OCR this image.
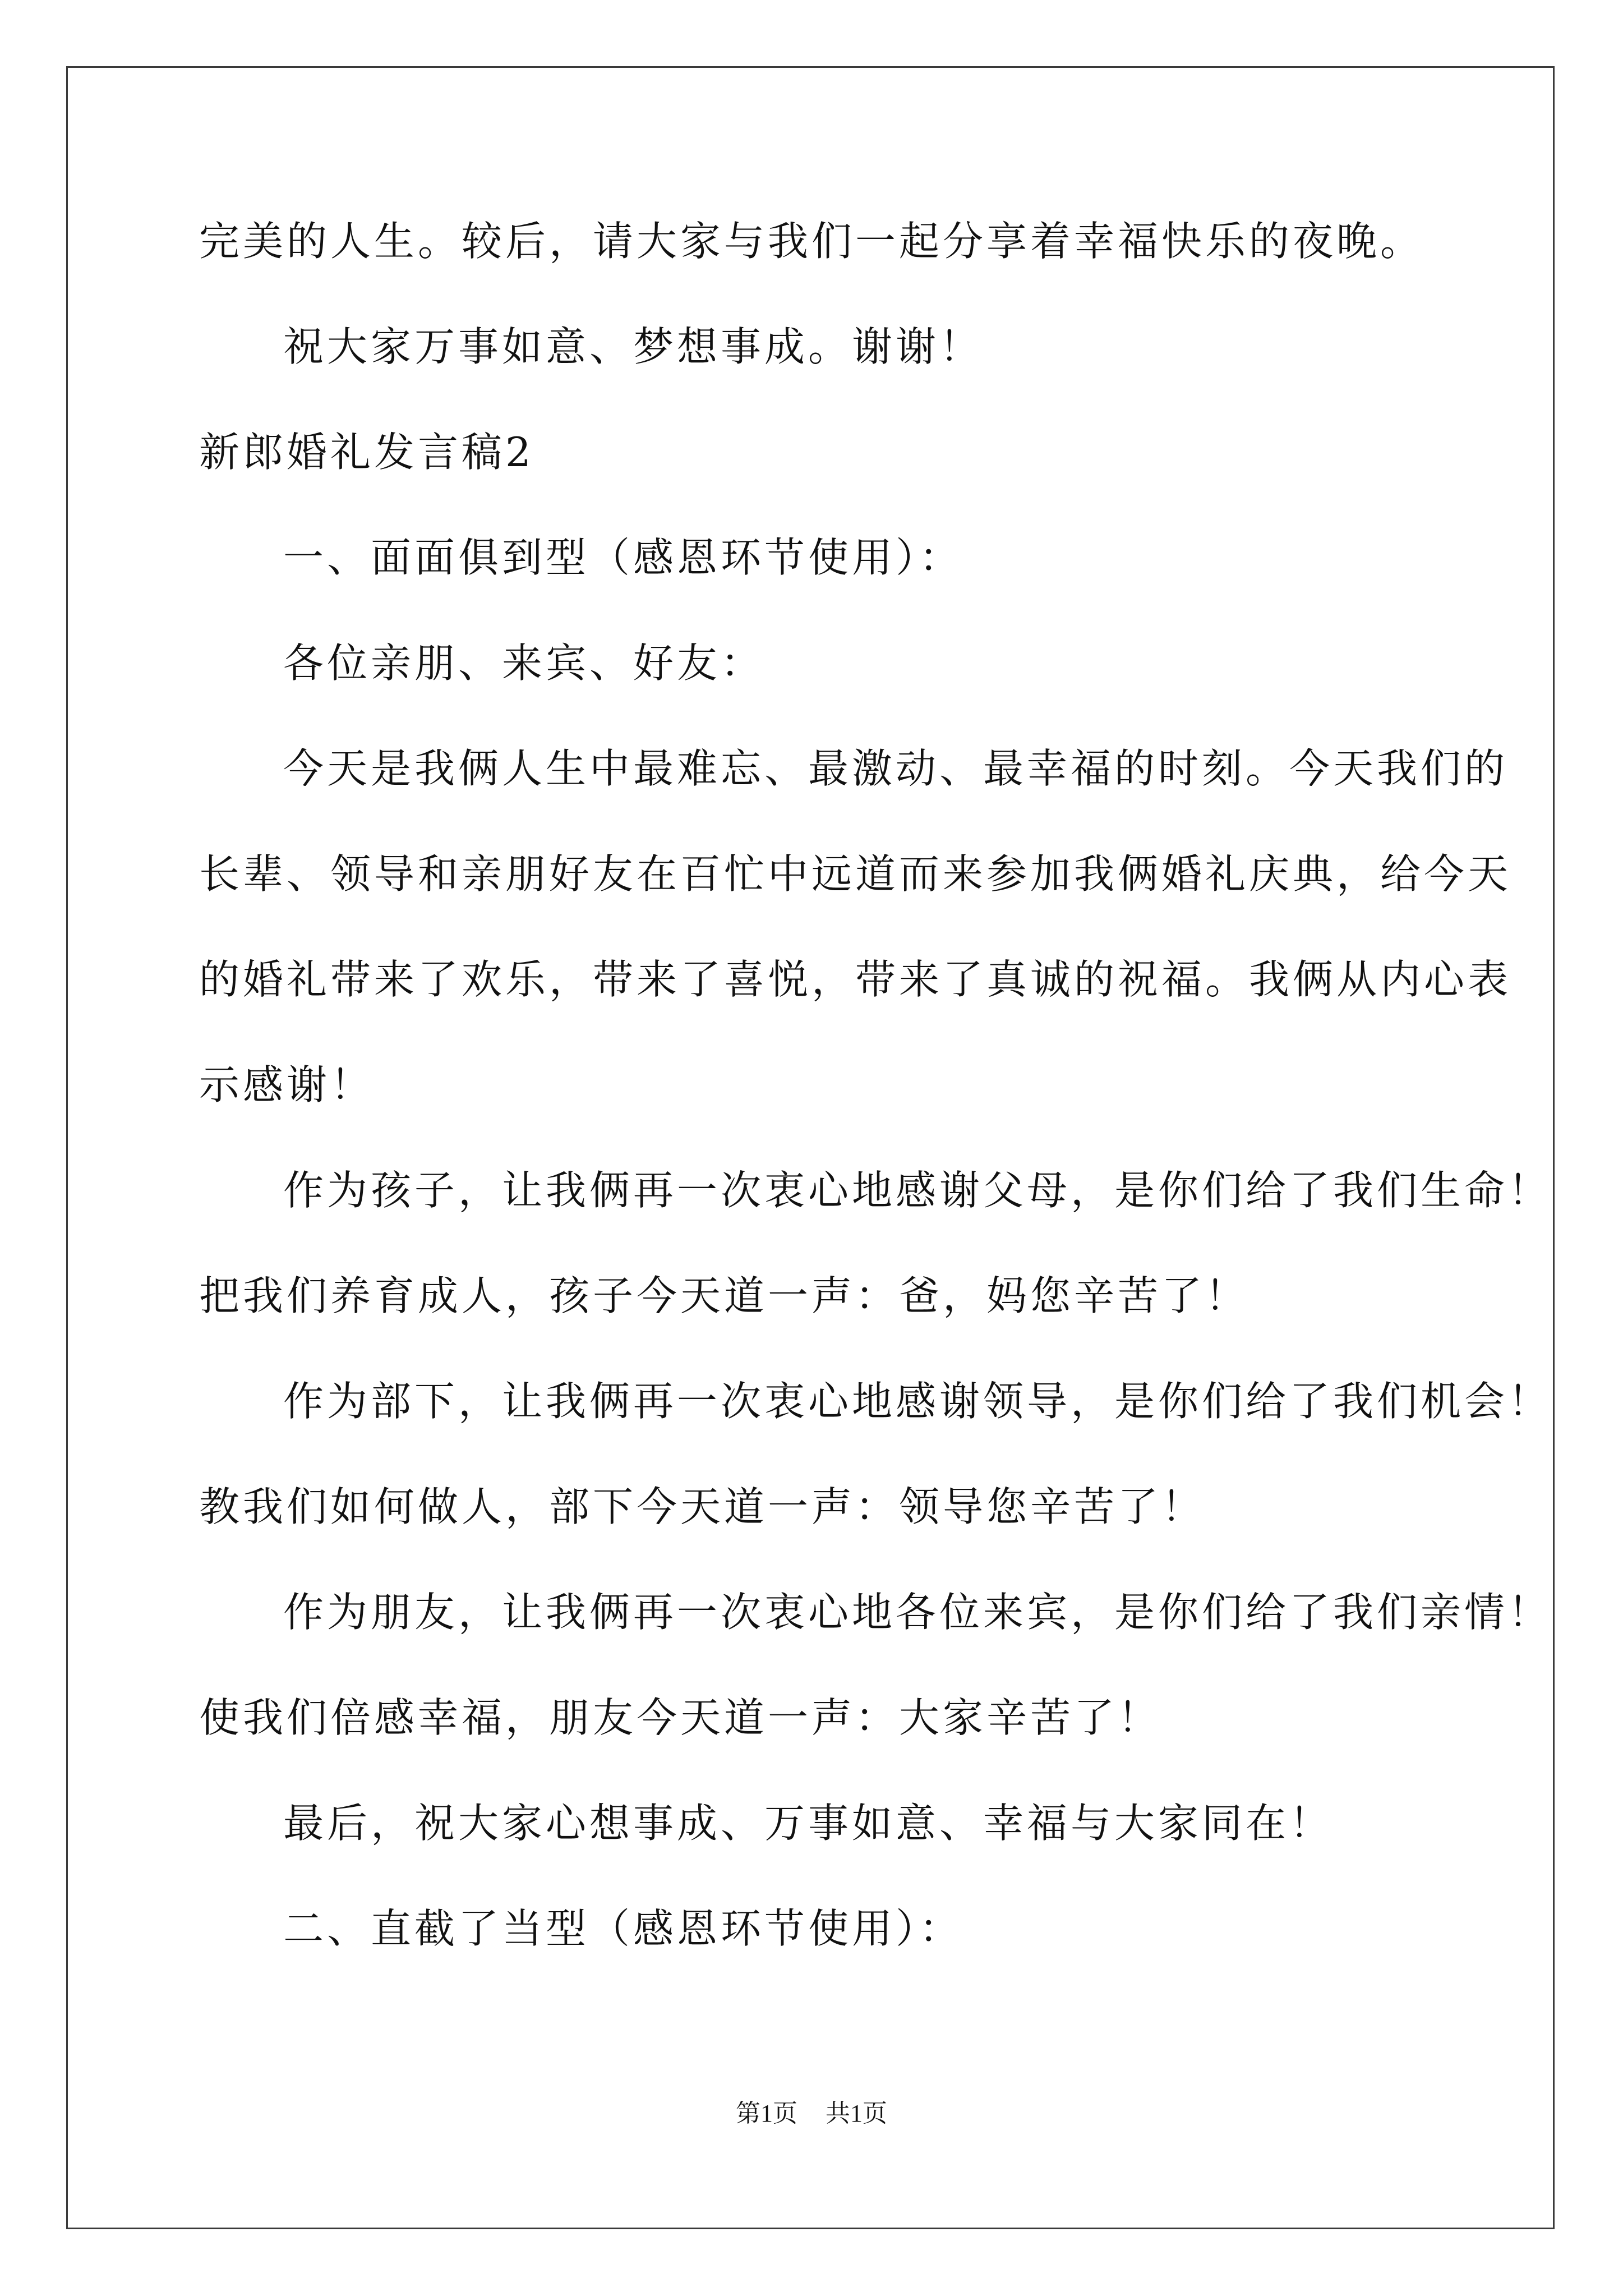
完美的人生。较后，请大家与我们一起分享着幸福快乐的夜晚。
祝大家万事如意、梦想事成。谢谢！
新郎婚礼发言稿2
一、面面俱到型（感恩环节使用）：
各位亲朋、来宾、好友：
今天是我俩人生中最难忘、最激动、最幸福的时刻。今天我们的
长辈、领导和亲朋好友在百忙中远道而来参加我俩婚礼庆典，给今天
的婚礼带来了欢乐，带来了喜悦，带来了真诚的祝福。我俩从内心表
示感谢！
作为孩子，让我俩再一次衷心地感谢父母，是你们给了我们生命！
把我们养育成人，孩子今天道一声：爸，妈您辛苦了！
作为部下，让我俩再一次衷心地感谢领导，是你们给了我们机会！
教我们如何做人，部下今天道一声：领导您辛苦了！
作为朋友，让我俩再一次衷心地各位来宾，是你们给了我们亲情！
使我们倍感幸福，朋友今天道一声：大家辛苦了！
最后，祝大家心想事成、万事如意、幸福与大家同在！
二、直截了当型（感恩环节使用）：
第1页 共1页
